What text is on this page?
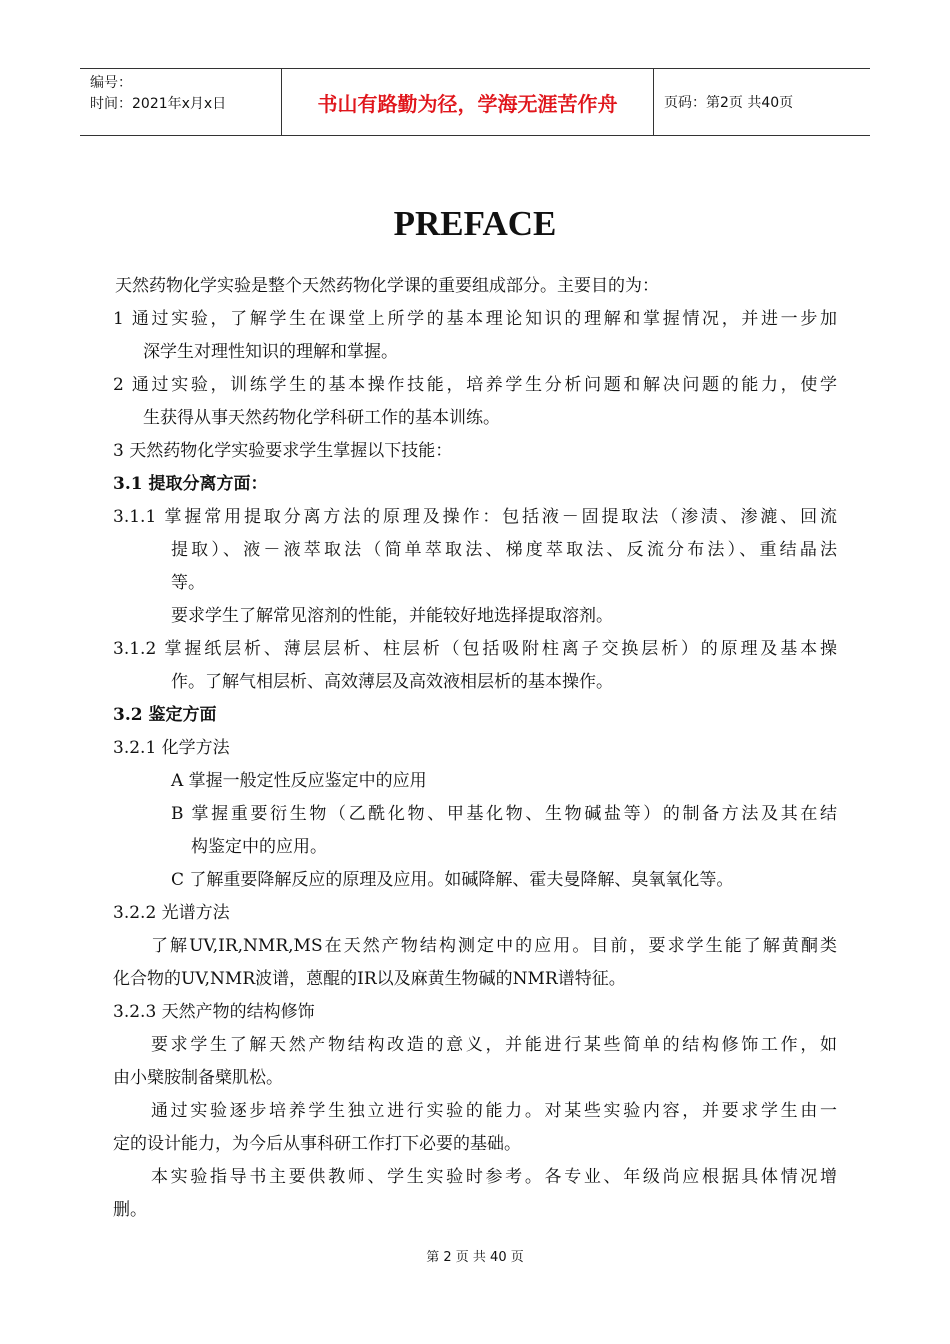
编号：
时间：2021年x月x日	书山有路勤为径，学海无涯苦作舟	页码：第2页 共40页
PREFACE

天然药物化学实验是整个天然药物化学课的重要组成部分。主要目的为：

1 通过实验，了解学生在课堂上所学的基本理论知识的理解和掌握情况，并进一步加

深学生对理性知识的理解和掌握。

2 通过实验，训练学生的基本操作技能，培养学生分析问题和解决问题的能力，使学

生获得从事天然药物化学科研工作的基本训练。

3 天然药物化学实验要求学生掌握以下技能：

3.1 提取分离方面：

3.1.1 掌握常用提取分离方法的原理及操作：包括液－固提取法（渗渍、渗漉、回流

提取）、液－液萃取法（简单萃取法、梯度萃取法、反流分布法）、重结晶法

等。

要求学生了解常见溶剂的性能，并能较好地选择提取溶剂。

3.1.2 掌握纸层析、薄层层析、柱层析（包括吸附柱离子交换层析）的原理及基本操

作。了解气相层析、高效薄层及高效液相层析的基本操作。

3.2 鉴定方面

3.2.1 化学方法

A 掌握一般定性反应鉴定中的应用

B 掌握重要衍生物（乙酰化物、甲基化物、生物碱盐等）的制备方法及其在结

构鉴定中的应用。

C 了解重要降解反应的原理及应用。如碱降解、霍夫曼降解、臭氧氧化等。

3.2.2 光谱方法

了解UV,IR,NMR,MS在天然产物结构测定中的应用。目前，要求学生能了解黄酮类

化合物的UV,NMR波谱，蒽醌的IR以及麻黄生物碱的NMR谱特征。

3.2.3 天然产物的结构修饰

要求学生了解天然产物结构改造的意义，并能进行某些简单的结构修饰工作，如

由小檗胺制备檗肌松。

通过实验逐步培养学生独立进行实验的能力。对某些实验内容，并要求学生由一

定的设计能力，为今后从事科研工作打下必要的基础。

本实验指导书主要供教师、学生实验时参考。各专业、年级尚应根据具体情况增

删。

第 2 页 共 40 页
